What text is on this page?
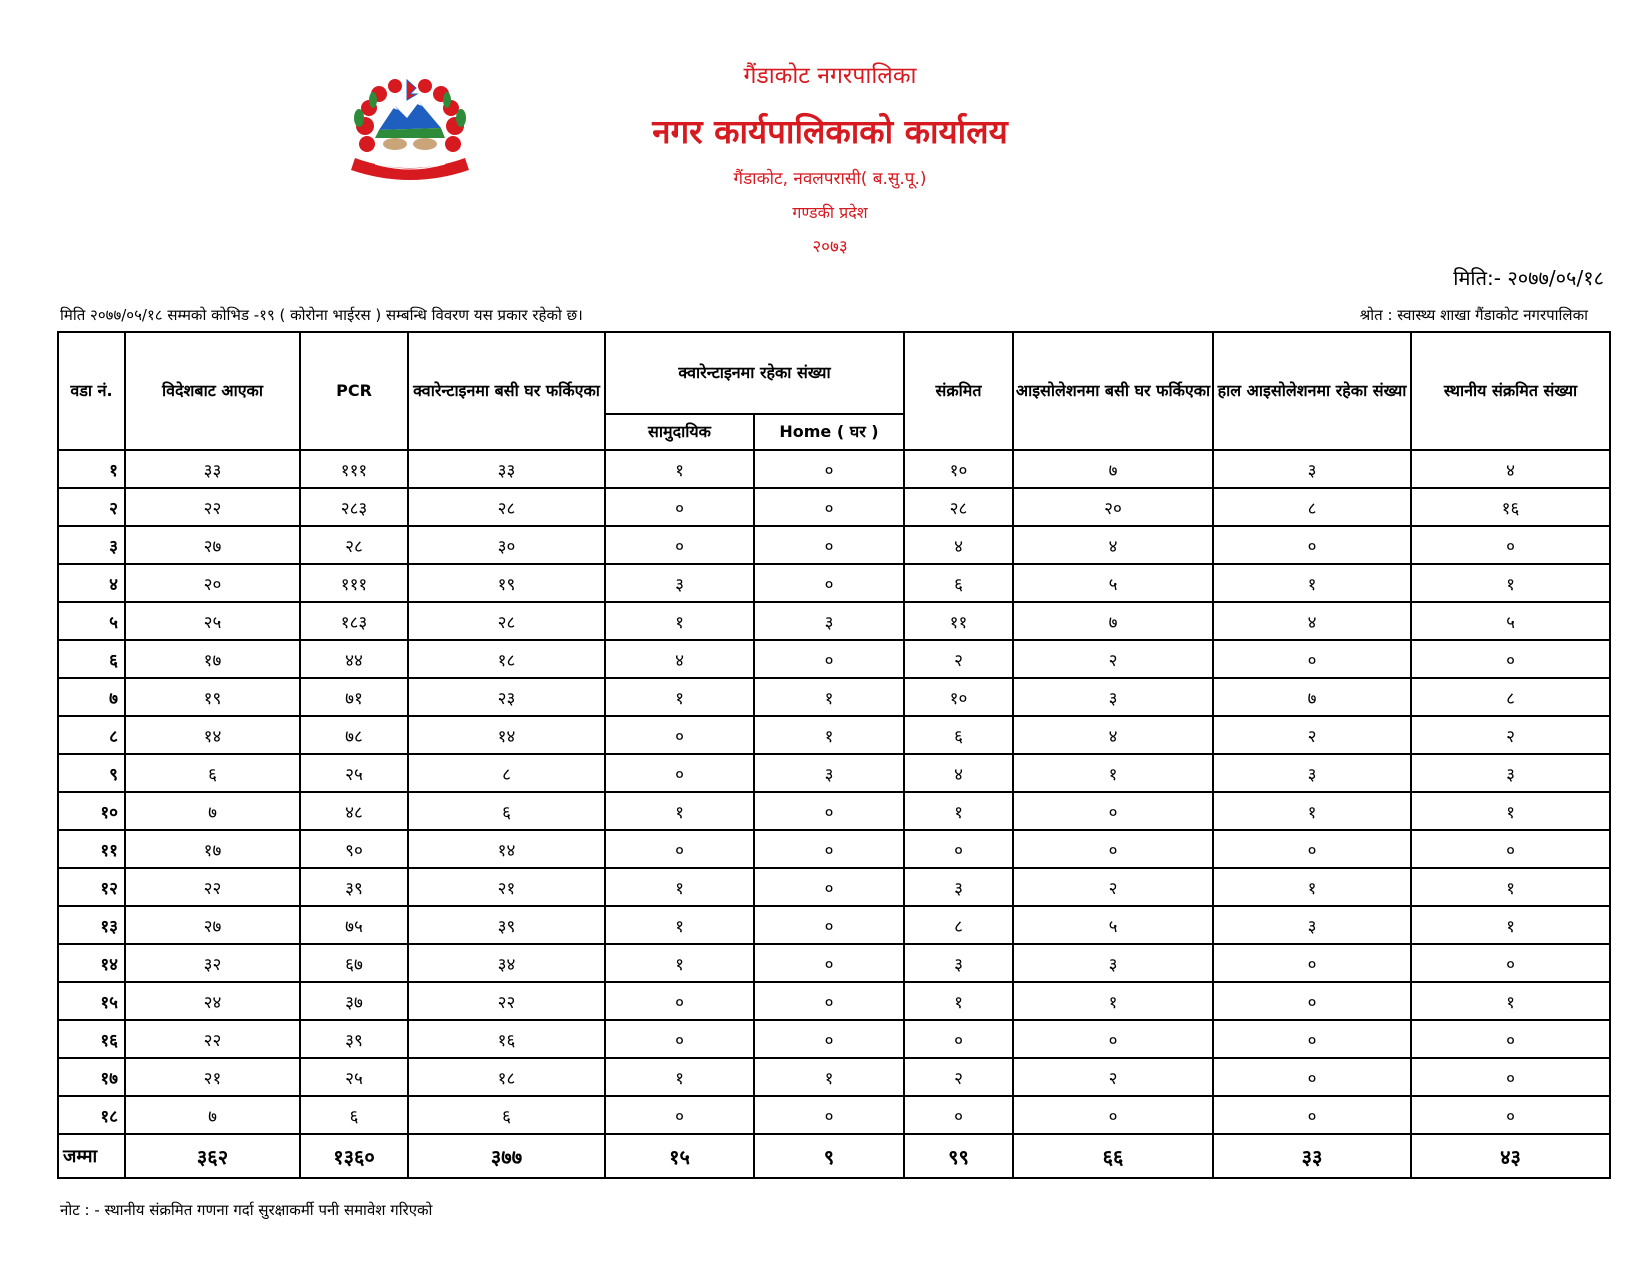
गैंडाकोट नगरपालिका
नगर कार्यपालिकाको कार्यालय
गैंडाकोट, नवलपरासी( ब.सु.पू.)
गण्डकी प्रदेश
२०७३
मिति:- २०७७/०५/१८
मिति २०७७/०५/१८ सम्मको कोभिड -१९ ( कोरोना भाईरस ) सम्बन्धि विवरण यस प्रकार रहेको छ।	श्रोत : स्वास्थ्य शाखा गैंडाकोट नगरपालिका
वडा नं.	विदेशबाट आएका	PCR	क्वारेन्टाइनमा बसी घर फर्किएका	क्वारेन्टाइनमा रहेका संख्या		संक्रमित	आइसोलेशनमा बसी घर फर्किएका	हाल आइसोलेशनमा रहेका संख्या	स्थानीय संक्रमित संख्या
				सामुदायिक	Home ( घर )				
१	३३	१११	३३	१	०	१०	७	३	४
२	२२	२८३	२८	०	०	२८	२०	८	१६
३	२७	२८	३०	०	०	४	४	०	०
४	२०	१११	१९	३	०	६	५	१	१
५	२५	१८३	२८	१	३	११	७	४	५
६	१७	४४	१८	४	०	२	२	०	०
७	१९	७१	२३	१	१	१०	३	७	८
८	१४	७८	१४	०	१	६	४	२	२
९	६	२५	८	०	३	४	१	३	३
१०	७	४८	६	१	०	१	०	१	१
११	१७	९०	१४	०	०	०	०	०	०
१२	२२	३९	२१	१	०	३	२	१	१
१३	२७	७५	३९	१	०	८	५	३	१
१४	३२	६७	३४	१	०	३	३	०	०
१५	२४	३७	२२	०	०	१	१	०	१
१६	२२	३९	१६	०	०	०	०	०	०
१७	२१	२५	१८	१	१	२	२	०	०
१८	७	६	६	०	०	०	०	०	०
जम्मा	३६२	१३६०	३७७	१५	९	९९	६६	३३	४३
नोट : - स्थानीय संक्रमित गणना गर्दा सुरक्षाकर्मी पनी समावेश गरिएको
